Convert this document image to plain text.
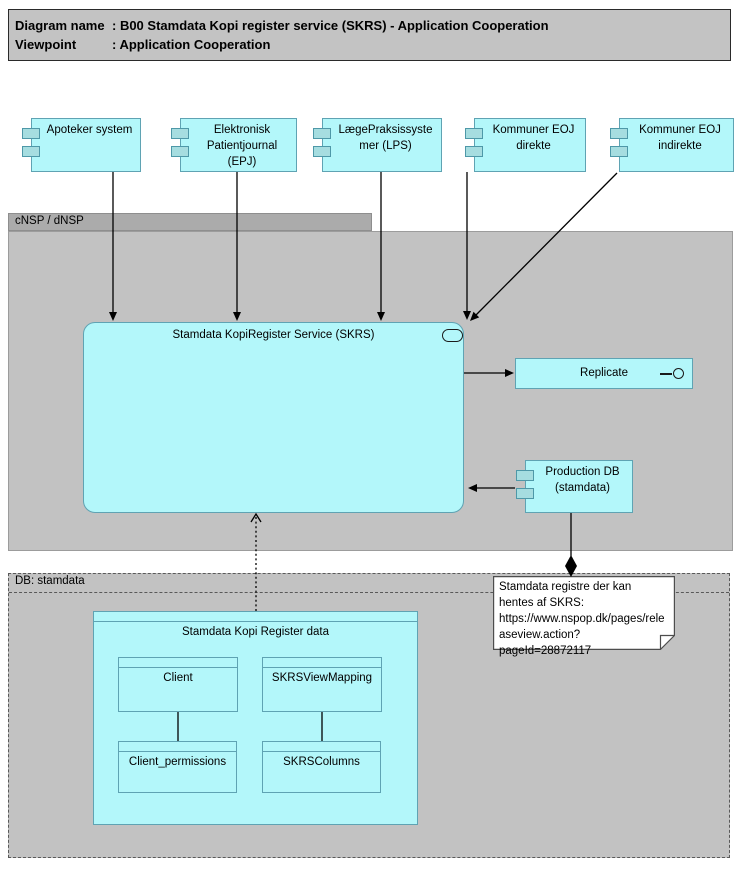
Diagram name : B00 Stamdata Kopi register service (SKRS) - Application Cooperation
Viewpoint	: Application Cooperation
Apoteker system	Elektronisk Patientjournal (EPJ)
LægePraksissystemer (LPS)
Kommuner EOJ direkte
Kommuner EOJ indirekte
cNSP / dNSP
Stamdata KopiRegister Service (SKRS)
Replicate
Production DB (stamdata)
DB: stamdata
Stamdata Kopi Register data
Client	SKRSViewMapping
Client_permissions	SKRSColumns
Stamdata registre der kan hentes af SKRS: https://www.nspop.dk/pages/releaseview.action?pageId=28872117
